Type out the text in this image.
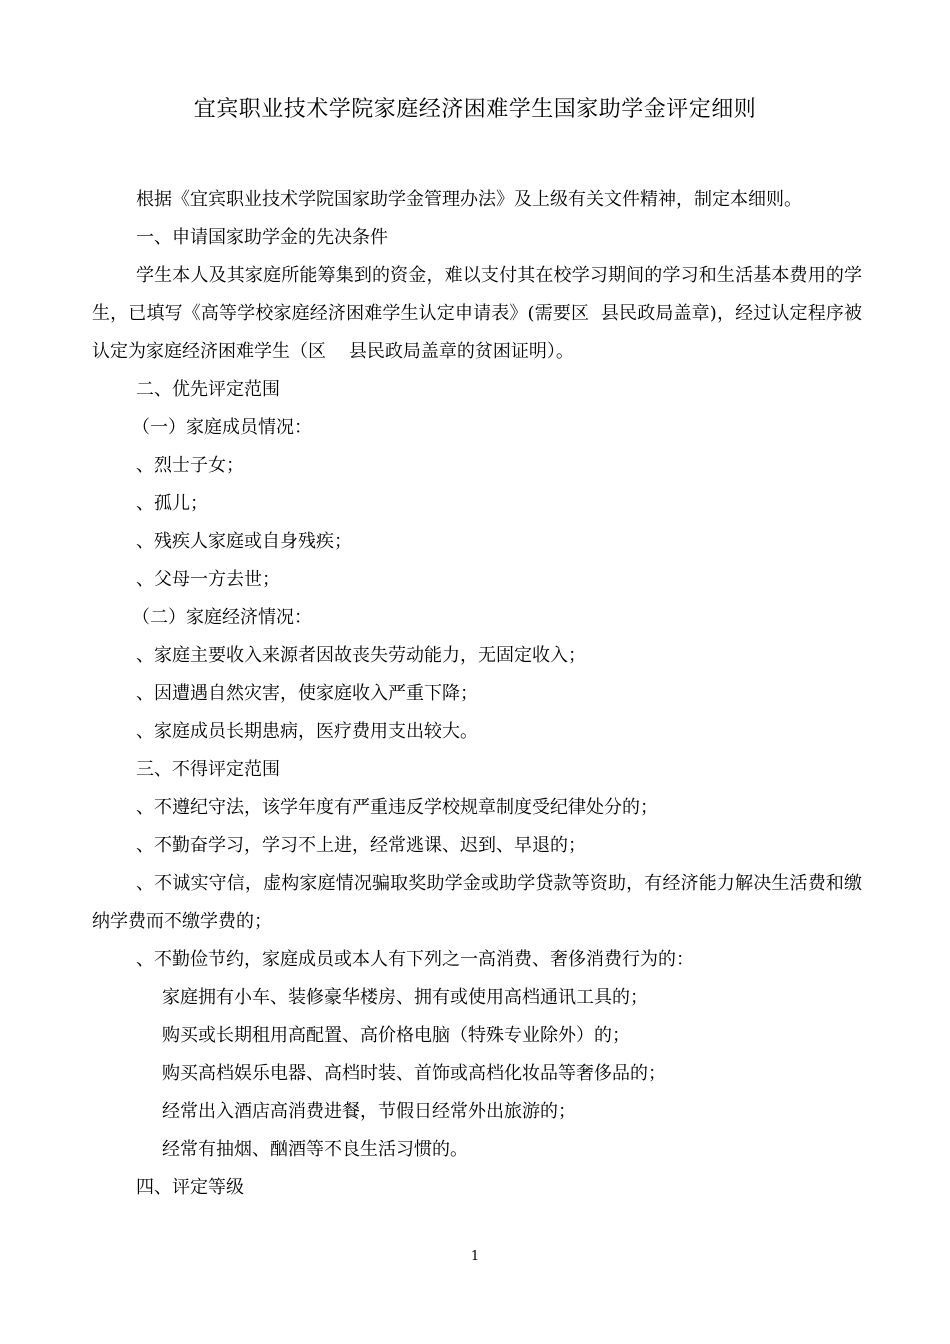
宜宾职业技术学院家庭经济困难学生国家助学金评定细则

根据《宜宾职业技术学院国家助学金管理办法》及上级有关文件精神，制定本细则。

一、申请国家助学金的先决条件

学生本人及其家庭所能筹集到的资金，难以支付其在校学习期间的学习和生活基本费用的学生，已填写《高等学校家庭经济困难学生认定申请表》(需要区  县民政局盖章)，经过认定程序被认定为家庭经济困难学生（区    县民政局盖章的贫困证明）。

二、优先评定范围

（一）家庭成员情况：

、烈士子女；

、孤儿；

、残疾人家庭或自身残疾；

、父母一方去世；

（二）家庭经济情况：

、家庭主要收入来源者因故丧失劳动能力，无固定收入；

、因遭遇自然灾害，使家庭收入严重下降；

、家庭成员长期患病，医疗费用支出较大。

三、不得评定范围

、不遵纪守法，该学年度有严重违反学校规章制度受纪律处分的；

、不勤奋学习，学习不上进，经常逃课、迟到、早退的；

、不诚实守信，虚构家庭情况骗取奖助学金或助学贷款等资助，有经济能力解决生活费和缴纳学费而不缴学费的；

、不勤俭节约，家庭成员或本人有下列之一高消费、奢侈消费行为的：

家庭拥有小车、装修豪华楼房、拥有或使用高档通讯工具的；

购买或长期租用高配置、高价格电脑（特殊专业除外）的；

购买高档娱乐电器、高档时装、首饰或高档化妆品等奢侈品的；

经常出入酒店高消费进餐，节假日经常外出旅游的；

经常有抽烟、酗酒等不良生活习惯的。

四、评定等级

1
